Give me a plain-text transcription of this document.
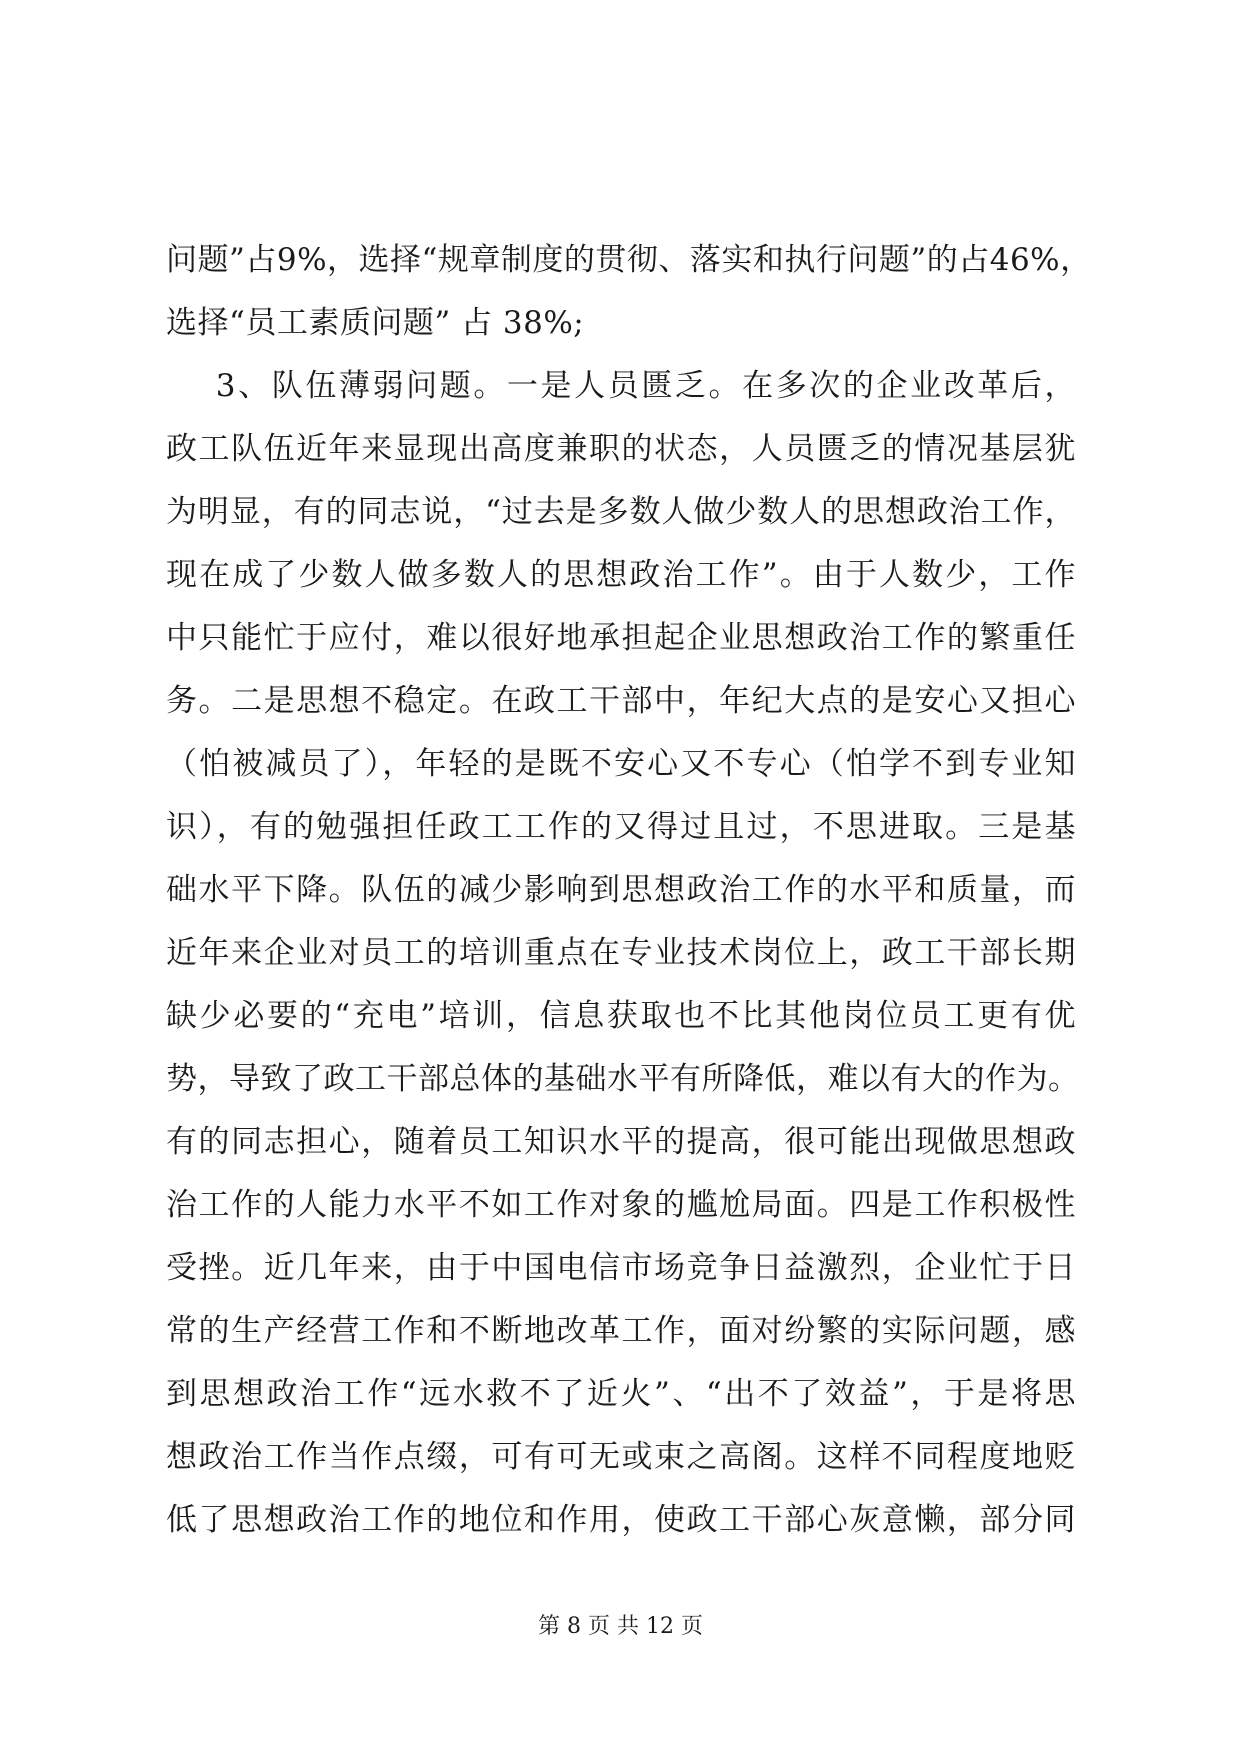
问题”占9%，选择“规章制度的贯彻、落实和执行问题”的占46%，
选择“员工素质问题” 占 38%;
3、队伍薄弱问题。一是人员匮乏。在多次的企业改革后，
政工队伍近年来显现出高度兼职的状态，人员匮乏的情况基层犹
为明显，有的同志说，“过去是多数人做少数人的思想政治工作，
现在成了少数人做多数人的思想政治工作”。由于人数少，工作
中只能忙于应付，难以很好地承担起企业思想政治工作的繁重任
务。二是思想不稳定。在政工干部中，年纪大点的是安心又担心
（怕被减员了），年轻的是既不安心又不专心（怕学不到专业知
识），有的勉强担任政工工作的又得过且过，不思进取。三是基
础水平下降。队伍的减少影响到思想政治工作的水平和质量，而
近年来企业对员工的培训重点在专业技术岗位上，政工干部长期
缺少必要的“充电”培训，信息获取也不比其他岗位员工更有优
势，导致了政工干部总体的基础水平有所降低，难以有大的作为。
有的同志担心，随着员工知识水平的提高，很可能出现做思想政
治工作的人能力水平不如工作对象的尴尬局面。四是工作积极性
受挫。近几年来，由于中国电信市场竞争日益激烈，企业忙于日
常的生产经营工作和不断地改革工作，面对纷繁的实际问题，感
到思想政治工作“远水救不了近火”、“出不了效益”，于是将思
想政治工作当作点缀，可有可无或束之高阁。这样不同程度地贬
低了思想政治工作的地位和作用，使政工干部心灰意懒，部分同
第 8 页 共 12 页
